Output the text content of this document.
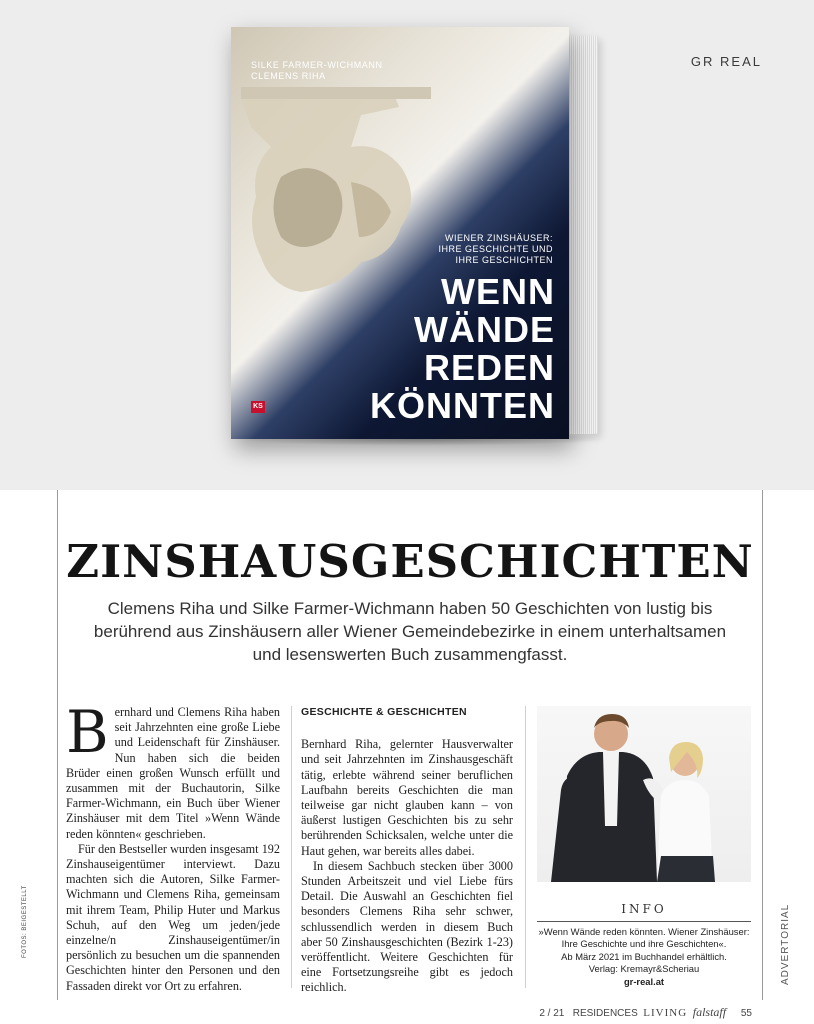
GR REAL
SILKE FARMER-WICHMANN
CLEMENS RIHA
WIENER ZINSHÄUSER:
IHRE GESCHICHTE UND
IHRE GESCHICHTEN
WENN
WÄNDE
REDEN
KÖNNTEN
KS
FOTOS: BEIGESTELLT	ADVERTORIAL
ZINSHAUSGESCHICHTEN

Clemens Riha und Silke Farmer-Wichmann haben 50 Geschichten von lustig bis berührend aus Zinshäusern aller Wiener Gemeindebezirke in einem unterhaltsamen und lesenswerten Buch zusammengfasst.

Bernhard und Clemens Riha haben seit Jahrzehnten eine große Liebe und Leidenschaft für Zinshäuser. Nun haben sich die beiden Brüder einen großen Wunsch erfüllt und zusammen mit der Buchautorin, Silke Farmer-Wichmann, ein Buch über Wiener Zinshäuser mit dem Titel »Wenn Wände reden könnten« geschrieben.

Für den Bestseller wurden insgesamt 192 Zinshauseigentümer interviewt. Dazu machten sich die Autoren, Silke Farmer-Wichmann und Clemens Riha, gemeinsam mit ihrem Team, Philip Huter und Markus Schuh, auf den Weg um jeden/jede einzelne/n Zinshauseigentümer/in persönlich zu besuchen um die spannenden Geschichten hinter den Personen und den Fassaden direkt vor Ort zu erfahren.

GESCHICHTE & GESCHICHTEN

Bernhard Riha, gelernter Hausverwalter und seit Jahrzehnten im Zinshausgeschäft tätig, erlebte während seiner beruflichen Laufbahn bereits Geschichten die man teilweise gar nicht glauben kann – von äußerst lustigen Geschichten bis zu sehr berührenden Schicksalen, welche unter die Haut gehen, war bereits alles dabei.

In diesem Sachbuch stecken über 3000 Stunden Arbeitszeit und viel Liebe fürs Detail. Die Auswahl an Geschichten fiel besonders Clemens Riha sehr schwer, schlussendlich werden in diesem Buch aber 50 Zinshausgeschichten (Bezirk 1-23) veröffentlicht. Weitere Geschichten für eine Fortsetzungsreihe gibt es jedoch reichlich.

INFO
»Wenn Wände reden könnten. Wiener Zinshäuser: Ihre Geschichte und ihre Geschichten«.
Ab März 2021 im Buchhandel erhältlich.
Verlag: Kremayr&Scheriau
gr-real.at
2 / 21 RESIDENCES LIVING falstaff 55
